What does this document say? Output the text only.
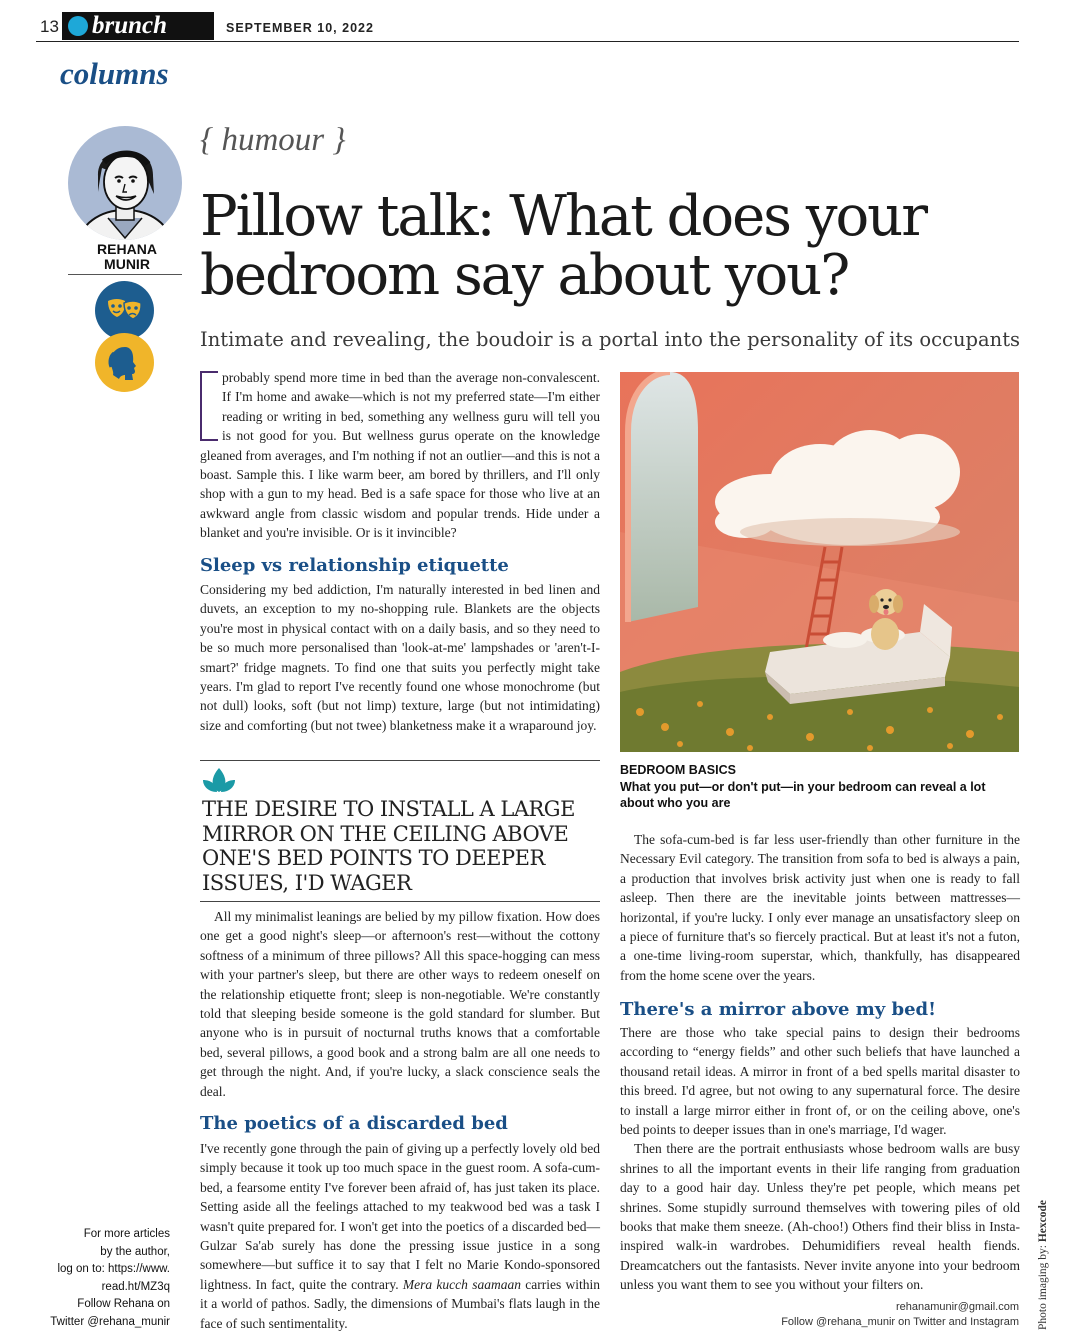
13	brunch	SEPTEMBER 10, 2022
columns
REHANA
MUNIR
For more articles
by the author,
log on to: https://www.
read.ht/MZ3q
Follow Rehana on
Twitter @rehana_munir
{ humour }
Pillow talk: What does your
bedroom say about you?
Intimate and revealing, the boudoir is a portal into the personality of its occupants

probably spend more time in bed than the average non-convalescent. If I'm home and awake—which is not my preferred state—I'm either reading or writing in bed, something any wellness guru will tell you is not good for you. But wellness gurus operate on the knowledge gleaned from averages, and I'm nothing if not an outlier—and this is not a boast. Sample this. I like warm beer, am bored by thrillers, and I'll only shop with a gun to my head. Bed is a safe space for those who live at an awkward angle from classic wisdom and popular trends. Hide under a blanket and you're invisible. Or is it invincible?

Sleep vs relationship etiquette

Considering my bed addiction, I'm naturally interested in bed linen and duvets, an exception to my no-shopping rule. Blankets are the objects you're most in physical contact with on a daily basis, and so they need to be so much more personalised than 'look-at-me' lampshades or 'aren't-I-smart?' fridge magnets. To find one that suits you perfectly might take years. I'm glad to report I've recently found one whose monochrome (but not dull) looks, soft (but not limp) texture, large (but not intimidating) size and comforting (but not twee) blanketness make it a wraparound joy.

THE DESIRE TO INSTALL A LARGE MIRROR ON THE CEILING ABOVE ONE'S BED POINTS TO DEEPER ISSUES, I'D WAGER

All my minimalist leanings are belied by my pillow fixation. How does one get a good night's sleep—or afternoon's rest—without the cottony softness of a minimum of three pillows? All this space-hogging can mess with your partner's sleep, but there are other ways to redeem oneself on the relationship etiquette front; sleep is non-negotiable. We're constantly told that sleeping beside someone is the gold standard for slumber. But anyone who is in pursuit of nocturnal truths knows that a comfortable bed, several pillows, a good book and a strong balm are all one needs to get through the night. And, if you're lucky, a slack conscience seals the deal.

The poetics of a discarded bed

I've recently gone through the pain of giving up a perfectly lovely old bed simply because it took up too much space in the guest room. A sofa-cum-bed, a fearsome entity I've forever been afraid of, has just taken its place. Setting aside all the feelings attached to my teakwood bed was a task I wasn't quite prepared for. I won't get into the poetics of a discarded bed—Gulzar Sa'ab surely has done the pressing issue justice in a song somewhere—but suffice it to say that I felt no Marie Kondo-sponsored lightness. In fact, quite the contrary. Mera kucch saamaan carries within it a world of pathos. Sadly, the dimensions of Mumbai's flats laugh in the face of such sentimentality.

BEDROOM BASICS
What you put—or don't put—in your bedroom can reveal a lot about who you are

The sofa-cum-bed is far less user-friendly than other furniture in the Necessary Evil category. The transition from sofa to bed is always a pain, a production that involves brisk activity just when one is ready to fall asleep. Then there are the inevitable joints between mattresses—horizontal, if you're lucky. I only ever manage an unsatisfactory sleep on a piece of furniture that's so fiercely practical. But at least it's not a futon, a one-time living-room superstar, which, thankfully, has disappeared from the home scene over the years.

There's a mirror above my bed!

There are those who take special pains to design their bedrooms according to “energy fields” and other such beliefs that have launched a thousand retail ideas. A mirror in front of a bed spells marital disaster to this breed. I'd agree, but not owing to any supernatural force. The desire to install a large mirror either in front of, or on the ceiling above, one's bed points to deeper issues than in one's marriage, I'd wager.

Then there are the portrait enthusiasts whose bedroom walls are busy shrines to all the important events in their life ranging from graduation day to a good hair day. Unless they're pet people, which means pet shrines. Some stupidly surround themselves with towering piles of old books that make them sneeze. (Ah-choo!) Others find their bliss in Insta-inspired walk-in wardrobes. Dehumidifiers reveal health fiends. Dreamcatchers out the fantasists. Never invite anyone into your bedroom unless you want them to see you without your filters on.

rehanamunir@gmail.com
Follow @rehana_munir on Twitter and Instagram Photo imaging by: Hexcode
